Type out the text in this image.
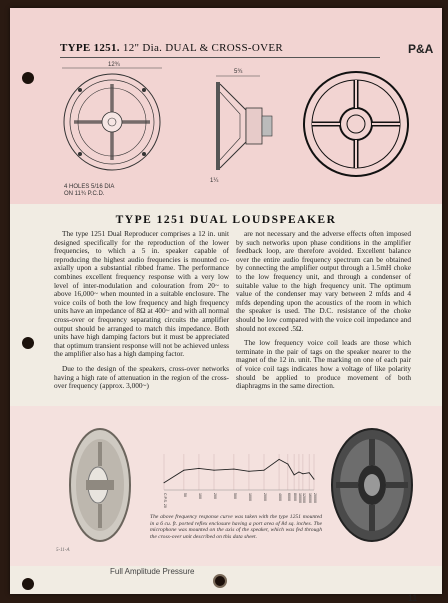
TYPE 1251. 12" Dia. DUAL & CROSS-OVER	P&A
12¾
4 HOLES 5/16 DIA
ON 11¾ P.C.D.
5¾
1¼
TYPE 1251 DUAL LOUDSPEAKER

The type 1251 Dual Reproducer comprises a 12 in. unit designed specifically for the reproduction of the lower frequencies, to which a 5 in. speaker capable of reproducing the highest audio frequencies is mounted co-axially upon a substantial ribbed frame. The performance combines excellent frequency response with a very low level of inter-modulation and colouration from 20~ to above 16,000~ when mounted in a suitable enclosure. The voice coils of both the low frequency and high frequency units have an impedance of 8Ω at 400~ and with all normal cross-over or frequency separating circuits the amplifier output should be arranged to match this impedance. Both units have high damping factors but it must be appreciated that optimum transient response will not be achieved unless the amplifier also has a high damping factor.

Due to the design of the speakers, cross-over networks having a high rate of attenuation in the region of the cross-over frequency (approx. 3,000~)

are not necessary and the adverse effects often imposed by such networks upon phase conditions in the amplifier feedback loop, are therefore avoided. Excellent balance over the entire audio frequency spectrum can be obtained by connecting the amplifier output through a 1.5mH choke to the low frequency unit, and through a condenser of suitable value to the high frequency unit. The optimum value of the condenser may vary between 2 mfds and 4 mfds depending upon the acoustics of the room in which the speaker is used. The D.C. resistance of the choke should be low compared with the voice coil impedance and should not exceed .5Ω.

The low frequency voice coil leads are those which terminate in the pair of tags on the speaker nearer to the magnet of the 12 in. unit. The marking on one of each pair of voice coil tags indicates how a voltage of like polarity should be applied to produce movement of both diaphragms in the same direction.

C.P.S. 20	50	100	200	500	1000	2000	4000 6000 8000 10000 12000 16000 20000
The above frequency response curve was taken with the type 1251 mounted in a 6 cu. ft. ported reflex enclosure having a port area of 84 sq. inches. The microphone was mounted on the axis of the speaker, which was fed through the cross-over unit described on this data sheet.
5-11-A
Full Amplitude Pressure
11
